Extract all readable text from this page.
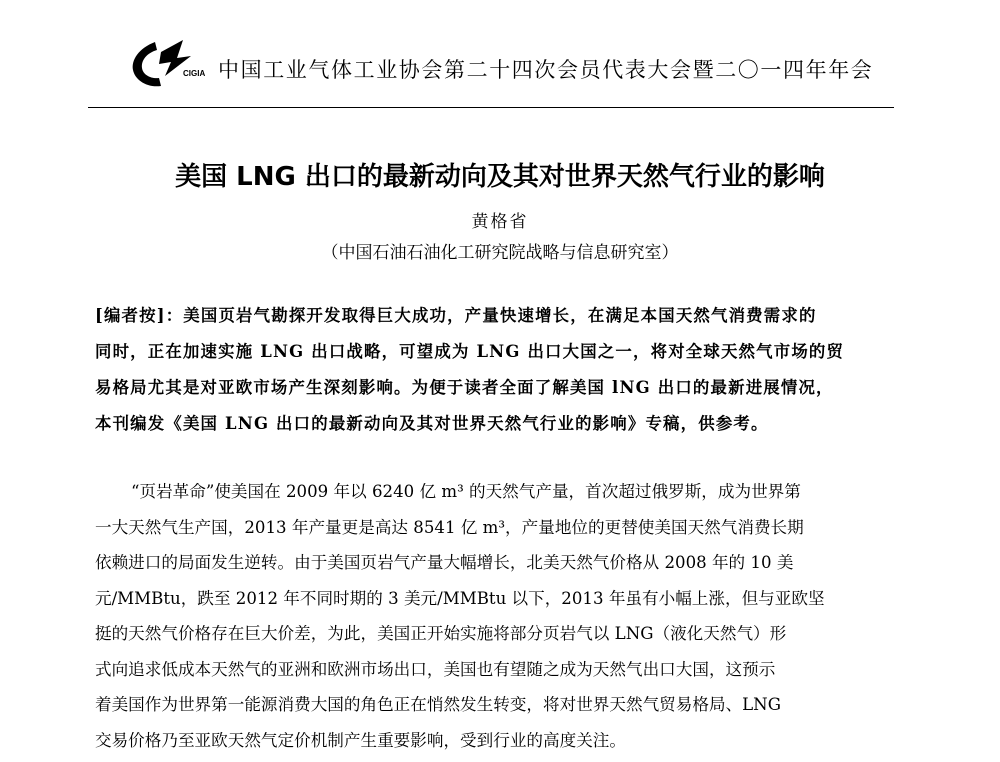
CIGIA 中国工业气体工业协会第二十四次会员代表大会暨二〇一四年年会
美国 LNG 出口的最新动向及其对世界天然气行业的影响
黄格省
（中国石油石油化工研究院战略与信息研究室）
[编者按]：美国页岩气勘探开发取得巨大成功，产量快速增长，在满足本国天然气消费需求的
同时，正在加速实施 LNG 出口战略，可望成为 LNG 出口大国之一，将对全球天然气市场的贸
易格局尤其是对亚欧市场产生深刻影响。为便于读者全面了解美国 lNG 出口的最新进展情况，
本刊编发《美国 LNG 出口的最新动向及其对世界天然气行业的影响》专稿，供参考。
“页岩革命”使美国在 2009 年以 6240 亿 m³ 的天然气产量，首次超过俄罗斯，成为世界第
一大天然气生产国，2013 年产量更是高达 8541 亿 m³，产量地位的更替使美国天然气消费长期
依赖进口的局面发生逆转。由于美国页岩气产量大幅增长，北美天然气价格从 2008 年的 10 美
元/MMBtu，跌至 2012 年不同时期的 3 美元/MMBtu 以下，2013 年虽有小幅上涨，但与亚欧坚
挺的天然气价格存在巨大价差，为此，美国正开始实施将部分页岩气以 LNG（液化天然气）形
式向追求低成本天然气的亚洲和欧洲市场出口，美国也有望随之成为天然气出口大国，这预示
着美国作为世界第一能源消费大国的角色正在悄然发生转变，将对世界天然气贸易格局、LNG
交易价格乃至亚欧天然气定价机制产生重要影响，受到行业的高度关注。
